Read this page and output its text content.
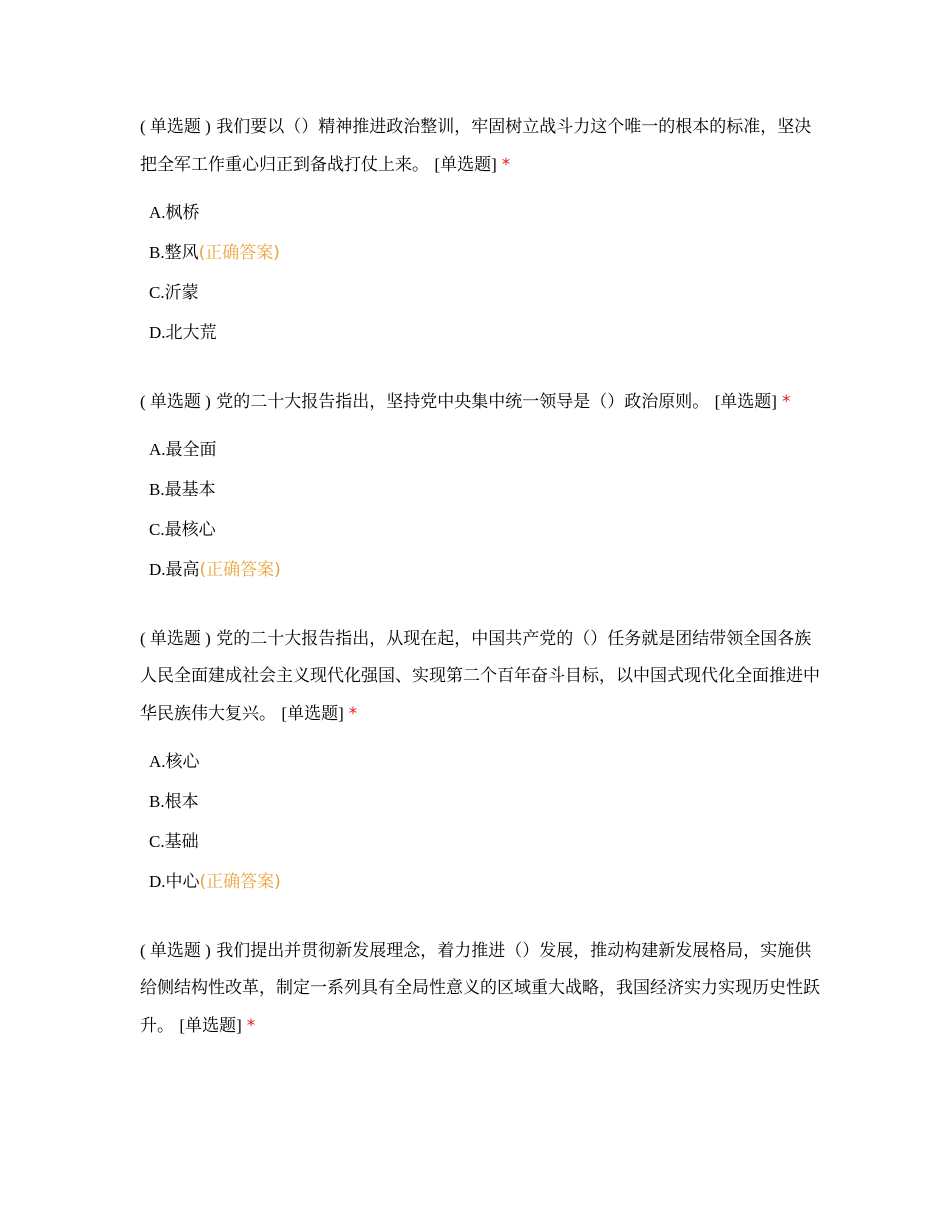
( 单选题 ) 我们要以（）精神推进政治整训，牢固树立战斗力这个唯一的根本的标准，坚决把全军工作重心归正到备战打仗上来。 [单选题] *

A.枫桥
B.整风(正确答案)
C.沂蒙
D.北大荒

( 单选题 ) 党的二十大报告指出，坚持党中央集中统一领导是（）政治原则。 [单选题] *

A.最全面
B.最基本
C.最核心
D.最高(正确答案)

( 单选题 ) 党的二十大报告指出，从现在起，中国共产党的（）任务就是团结带领全国各族人民全面建成社会主义现代化强国、实现第二个百年奋斗目标，以中国式现代化全面推进中华民族伟大复兴。 [单选题] *

A.核心
B.根本
C.基础
D.中心(正确答案)

( 单选题 ) 我们提出并贯彻新发展理念，着力推进（）发展，推动构建新发展格局，实施供给侧结构性改革，制定一系列具有全局性意义的区域重大战略，我国经济实力实现历史性跃升。 [单选题] *
